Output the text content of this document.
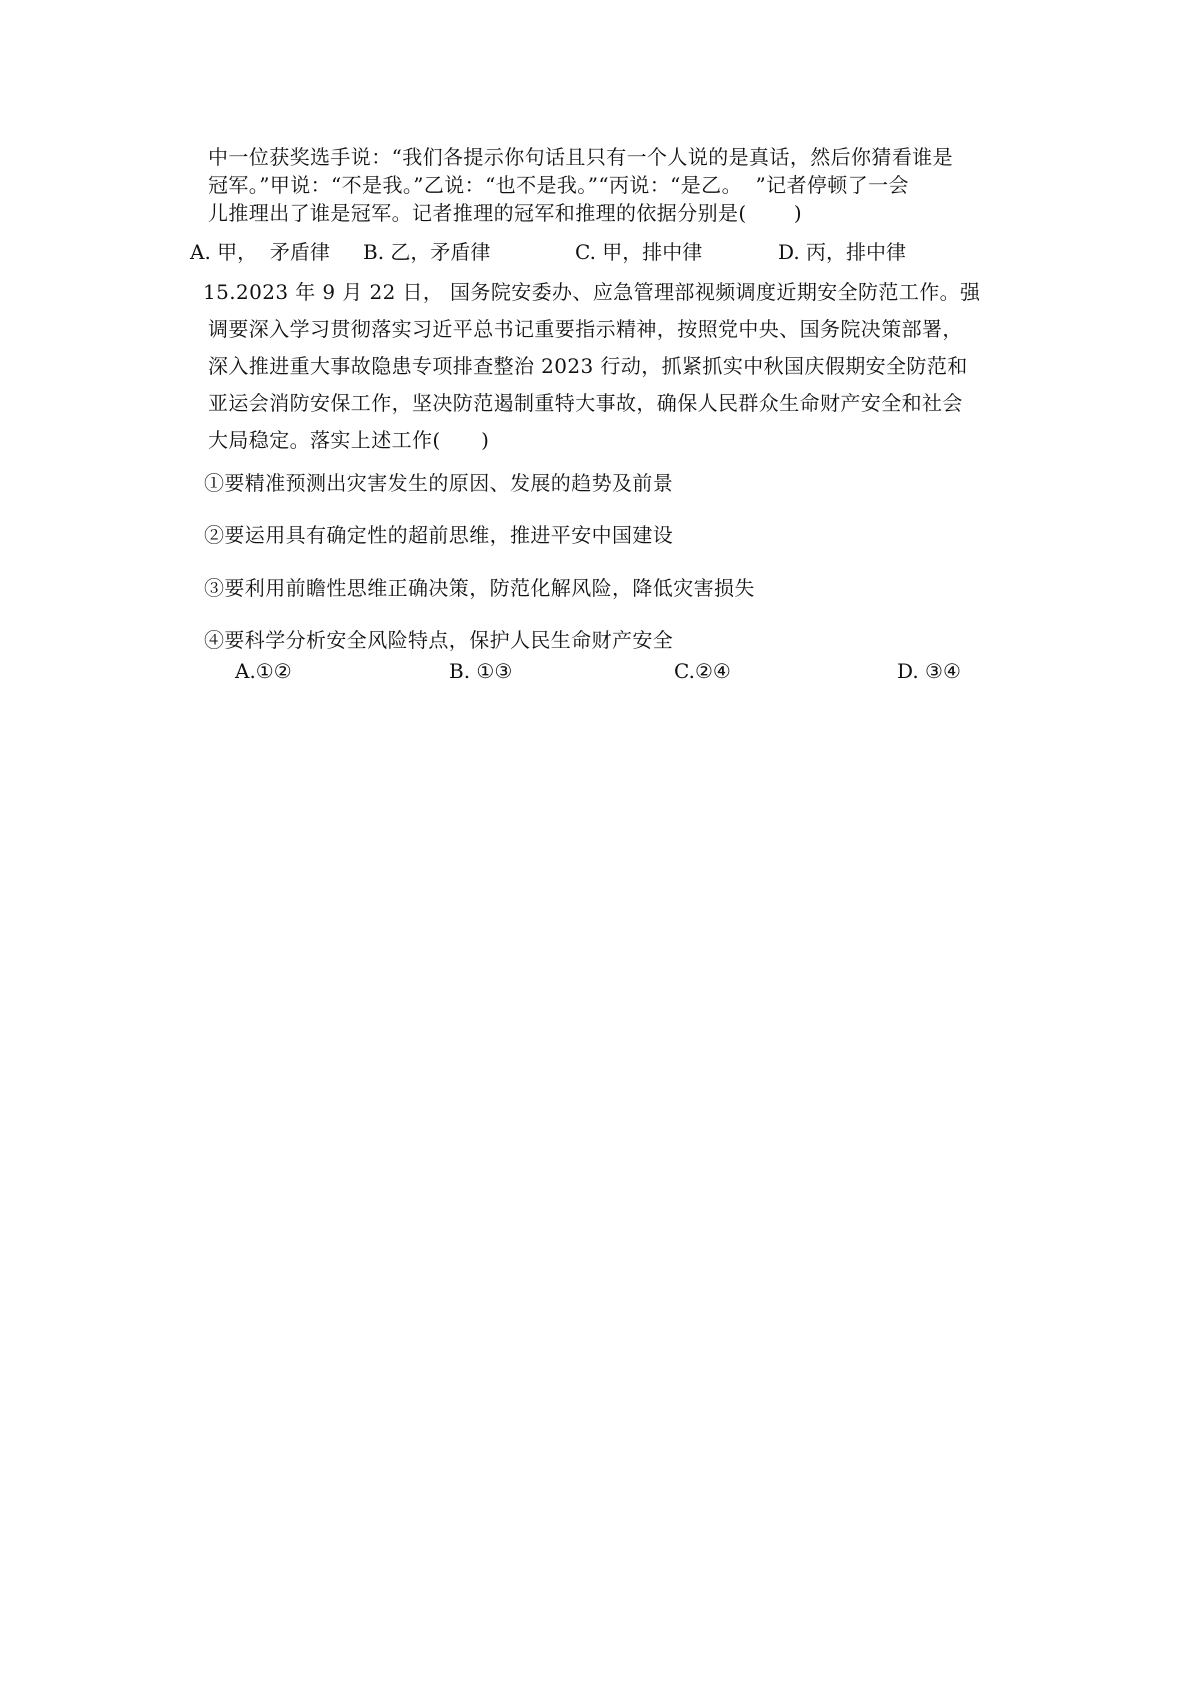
中一位获奖选手说：“我们各提示你句话且只有一个人说的是真话，然后你猜看谁是
冠军。”甲说：“不是我。”乙说：“也不是我。”“丙说：“是乙。  ”记者停顿了一会
儿推理出了谁是冠军。记者推理的冠军和推理的依据分别是(       )
A. 甲，  矛盾律 B. 乙，矛盾律	C. 甲，排中律	D. 丙，排中律
15.2023 年 9 月 22 日， 国务院安委办、应急管理部视频调度近期安全防范工作。强
调要深入学习贯彻落实习近平总书记重要指示精神，按照党中央、国务院决策部署，
深入推进重大事故隐患专项排查整治 2023 行动，抓紧抓实中秋国庆假期安全防范和
亚运会消防安保工作，坚决防范遏制重特大事故，确保人民群众生命财产安全和社会
大局稳定。落实上述工作(      )
①要精准预测出灾害发生的原因、发展的趋势及前景
②要运用具有确定性的超前思维，推进平安中国建设
③要利用前瞻性思维正确决策，防范化解风险，降低灾害损失
④要科学分析安全风险特点，保护人民生命财产安全
A.①②	B. ①③	C.②④	D. ③④
